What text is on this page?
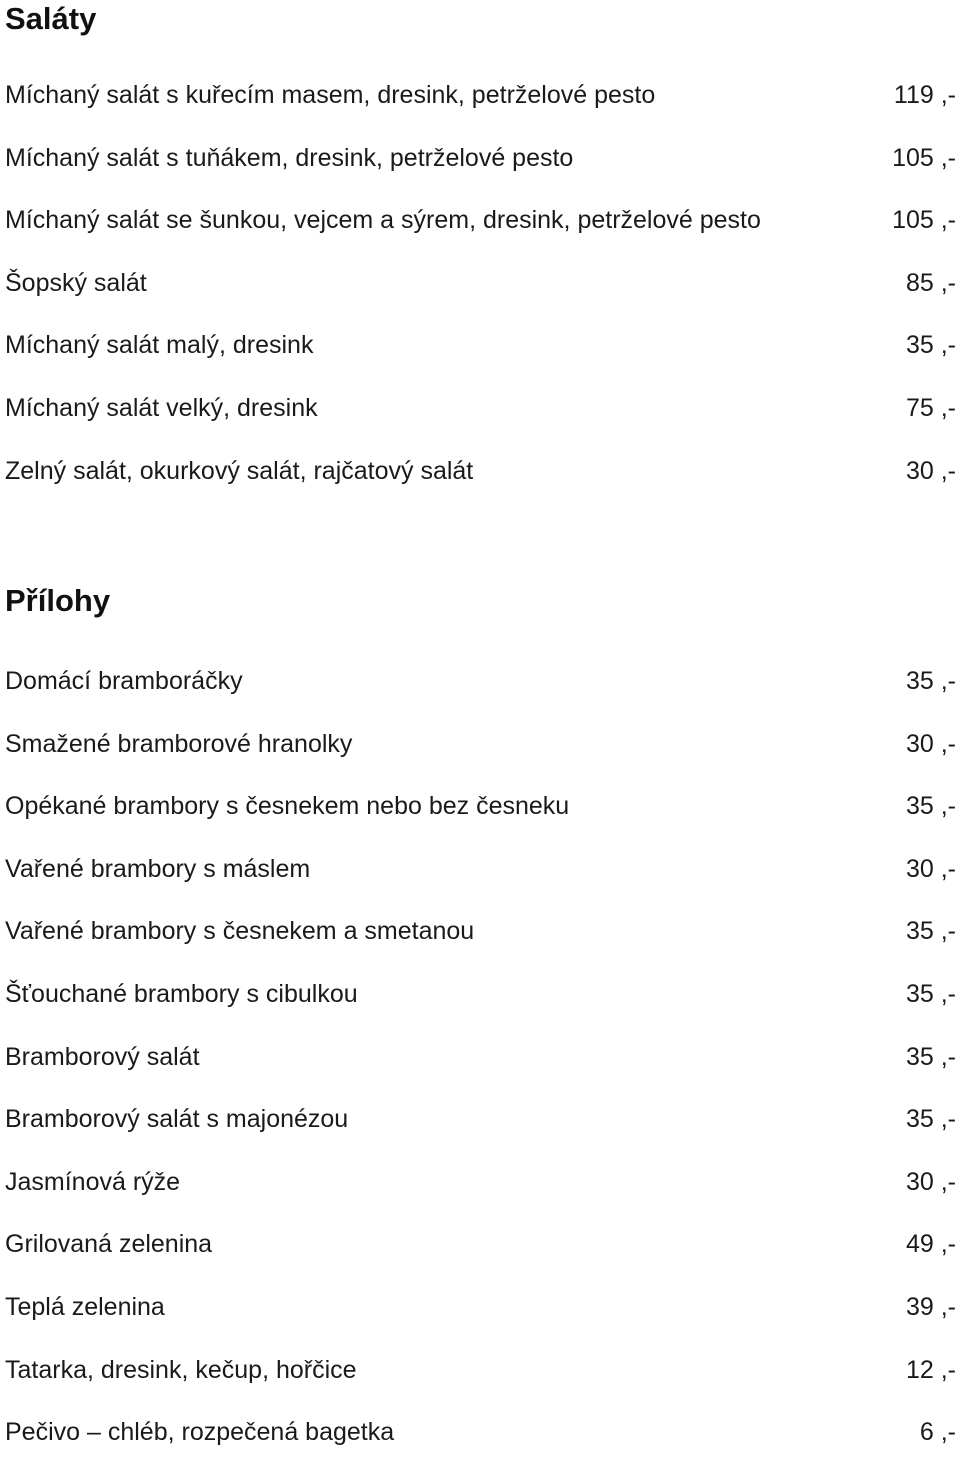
Saláty
Míchaný salát s kuřecím masem, dresink, petrželové pesto	119 ,-
Míchaný salát s tuňákem, dresink, petrželové pesto	105 ,-
Míchaný salát se šunkou, vejcem a sýrem, dresink, petrželové pesto	105 ,-
Šopský salát	85 ,-
Míchaný salát malý, dresink	35 ,-
Míchaný salát velký, dresink	75 ,-
Zelný salát, okurkový salát, rajčatový salát	30 ,-
Přílohy
Domácí bramboráčky	35 ,-
Smažené bramborové hranolky	30 ,-
Opékané brambory s česnekem nebo bez česneku	35 ,-
Vařené brambory s máslem	30 ,-
Vařené brambory s česnekem a smetanou	35 ,-
Šťouchané brambory s cibulkou	35 ,-
Bramborový salát	35 ,-
Bramborový salát s majonézou	35 ,-
Jasmínová rýže	30 ,-
Grilovaná zelenina	49 ,-
Teplá zelenina	39 ,-
Tatarka, dresink, kečup, hořčice	12 ,-
Pečivo – chléb, rozpečená bagetka	6 ,-
